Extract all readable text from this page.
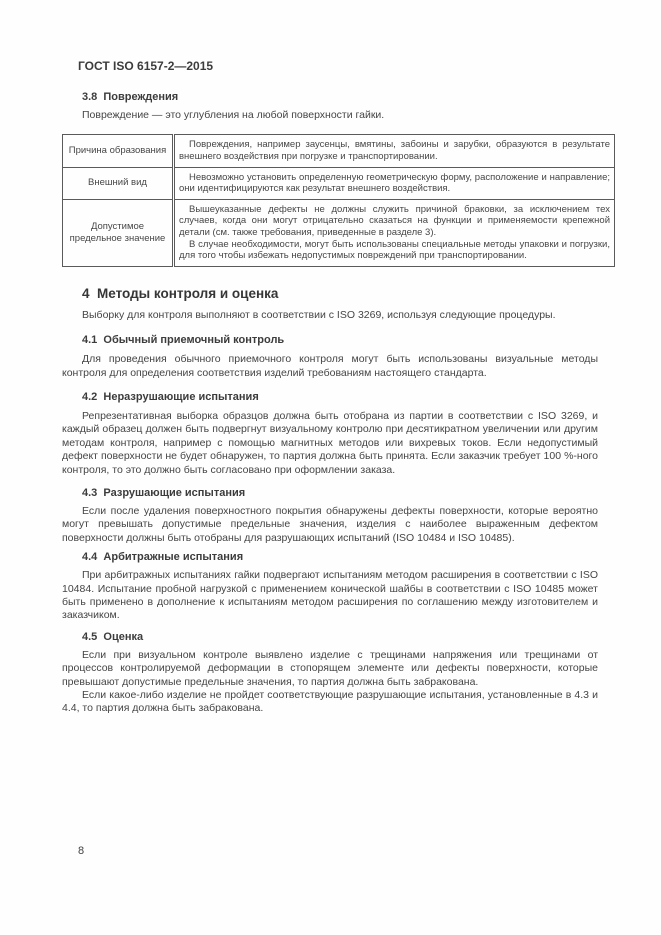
ГОСТ ISO 6157-2—2015
3.8  Повреждения

Повреждение — это углубления на любой поверхности гайки.

Причина образования	Повреждения, например заусенцы, вмятины, забоины и зарубки, образуются в результате внешнего воздействия при погрузке и транспортировании.

Внешний вид	Невозможно установить определенную геометрическую форму, расположение и направление; они идентифицируются как результат внешнего воздействия.

Допустимое предельное значение	Вышеуказанные дефекты не должны служить причиной браковки, за исключением тех случаев, когда они могут отрицательно сказаться на функции и применяемости крепежной детали (см. также требования, приведенные в разделе 3).

В случае необходимости, могут быть использованы специальные методы упаковки и погрузки, для того чтобы избежать недопустимых повреждений при транспортировании.

4  Методы контроля и оценка

Выборку для контроля выполняют в соответствии с ISO 3269, используя следующие процедуры.

4.1  Обычный приемочный контроль

Для проведения обычного приемочного контроля могут быть использованы визуальные методы контроля для определения соответствия изделий требованиям настоящего стандарта.

4.2  Неразрушающие испытания

Репрезентативная выборка образцов должна быть отобрана из партии в соответствии с ISO 3269, и каждый образец должен быть подвергнут визуальному контролю при десятикратном увеличении или другим методам контроля, например с помощью магнитных методов или вихревых токов. Если недопустимый дефект поверхности не будет обнаружен, то партия должна быть принята. Если заказчик требует 100 %-ного контроля, то это должно быть согласовано при оформлении заказа.

4.3  Разрушающие испытания

Если после удаления поверхностного покрытия обнаружены дефекты поверхности, которые вероятно могут превышать допустимые предельные значения, изделия с наиболее выраженным дефектом поверхности должны быть отобраны для разрушающих испытаний (ISO 10484 и ISO 10485).

4.4  Арбитражные испытания

При арбитражных испытаниях гайки подвергают испытаниям методом расширения в соответствии с ISO 10484. Испытание пробной нагрузкой с применением конической шайбы в соответствии с ISO 10485 может быть применено в дополнение к испытаниям методом расширения по соглашению между изготовителем и заказчиком.

4.5  Оценка

Если при визуальном контроле выявлено изделие с трещинами напряжения или трещинами от процессов контролируемой деформации в стопорящем элементе или дефекты поверхности, которые превышают допустимые предельные значения, то партия должна быть забракована.

Если какое-либо изделие не пройдет соответствующие разрушающие испытания, установленные в 4.3 и 4.4, то партия должна быть забракована.

8
